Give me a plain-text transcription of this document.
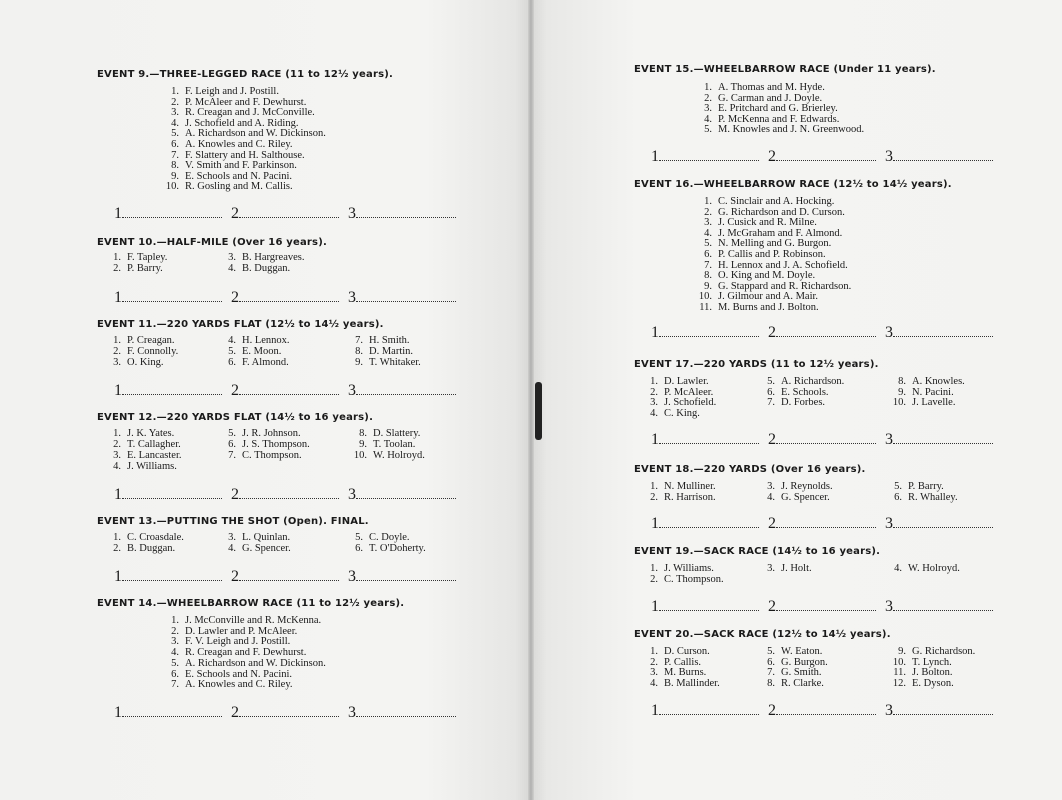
EVENT 9.—THREE-LEGGED RACE (11 to 12½ years).
1. F. Leigh and J. Postill.
2. P. McAleer and F. Dewhurst.
3. R. Creagan and J. McConville.
4. J. Schofield and A. Riding.
5. A. Richardson and W. Dickinson.
6. A. Knowles and C. Riley.
7. F. Slattery and H. Salthouse.
8. V. Smith and F. Parkinson.
9. E. Schools and N. Pacini.
10. R. Gosling and M. Callis.
1	2	3
EVENT 10.—HALF-MILE (Over 16 years).
1. F. Tapley.
2. P. Barry.
3. B. Hargreaves.
4. B. Duggan.
1	2	3
EVENT 11.—220 YARDS FLAT (12½ to 14½ years).
1. P. Creagan.
2. F. Connolly.
3. O. King.
4. H. Lennox.
5. E. Moon.
6. F. Almond.
7. H. Smith.
8. D. Martin.
9. T. Whitaker.
1	2	3
EVENT 12.—220 YARDS FLAT (14½ to 16 years).
1. J. K. Yates.
2. T. Callagher.
3. E. Lancaster.
4. J. Williams.
5. J. R. Johnson.
6. J. S. Thompson.
7. C. Thompson.
8. D. Slattery.
9. T. Toolan.
10. W. Holroyd.
1	2	3
EVENT 13.—PUTTING THE SHOT (Open). FINAL.
1. C. Croasdale.
2. B. Duggan.
3. L. Quinlan.
4. G. Spencer.
5. C. Doyle.
6. T. O'Doherty.
1	2	3
EVENT 14.—WHEELBARROW RACE (11 to 12½ years).
1. J. McConville and R. McKenna.
2. D. Lawler and P. McAleer.
3. F. V. Leigh and J. Postill.
4. R. Creagan and F. Dewhurst.
5. A. Richardson and W. Dickinson.
6. E. Schools and N. Pacini.
7. A. Knowles and C. Riley.
1	2	3
EVENT 15.—WHEELBARROW RACE (Under 11 years).
1. A. Thomas and M. Hyde.
2. G. Carman and J. Doyle.
3. E. Pritchard and G. Brierley.
4. P. McKenna and F. Edwards.
5. M. Knowles and J. N. Greenwood.
1	2	3
EVENT 16.—WHEELBARROW RACE (12½ to 14½ years).
1. C. Sinclair and A. Hocking.
2. G. Richardson and D. Curson.
3. J. Cusick and R. Milne.
4. J. McGraham and F. Almond.
5. N. Melling and G. Burgon.
6. P. Callis and P. Robinson.
7. H. Lennox and J. A. Schofield.
8. O. King and M. Doyle.
9. G. Stappard and R. Richardson.
10. J. Gilmour and A. Mair.
11. M. Burns and J. Bolton.
1	2	3
EVENT 17.—220 YARDS (11 to 12½ years).
1. D. Lawler.
2. P. McAleer.
3. J. Schofield.
4. C. King.
5. A. Richardson.
6. E. Schools.
7. D. Forbes.
8. A. Knowles.
9. N. Pacini.
10. J. Lavelle.
1	2	3
EVENT 18.—220 YARDS (Over 16 years).
1. N. Mulliner.
2. R. Harrison.
3. J. Reynolds.
4. G. Spencer.
5. P. Barry.
6. R. Whalley.
1	2	3
EVENT 19.—SACK RACE (14½ to 16 years).
1. J. Williams.
2. C. Thompson.
3. J. Holt.	4. W. Holroyd.
1	2	3
EVENT 20.—SACK RACE (12½ to 14½ years).
1. D. Curson.
2. P. Callis.
3. M. Burns.
4. B. Mallinder.
5. W. Eaton.
6. G. Burgon.
7. G. Smith.
8. R. Clarke.
9. G. Richardson.
10. T. Lynch.
11. J. Bolton.
12. E. Dyson.
1	2	3
